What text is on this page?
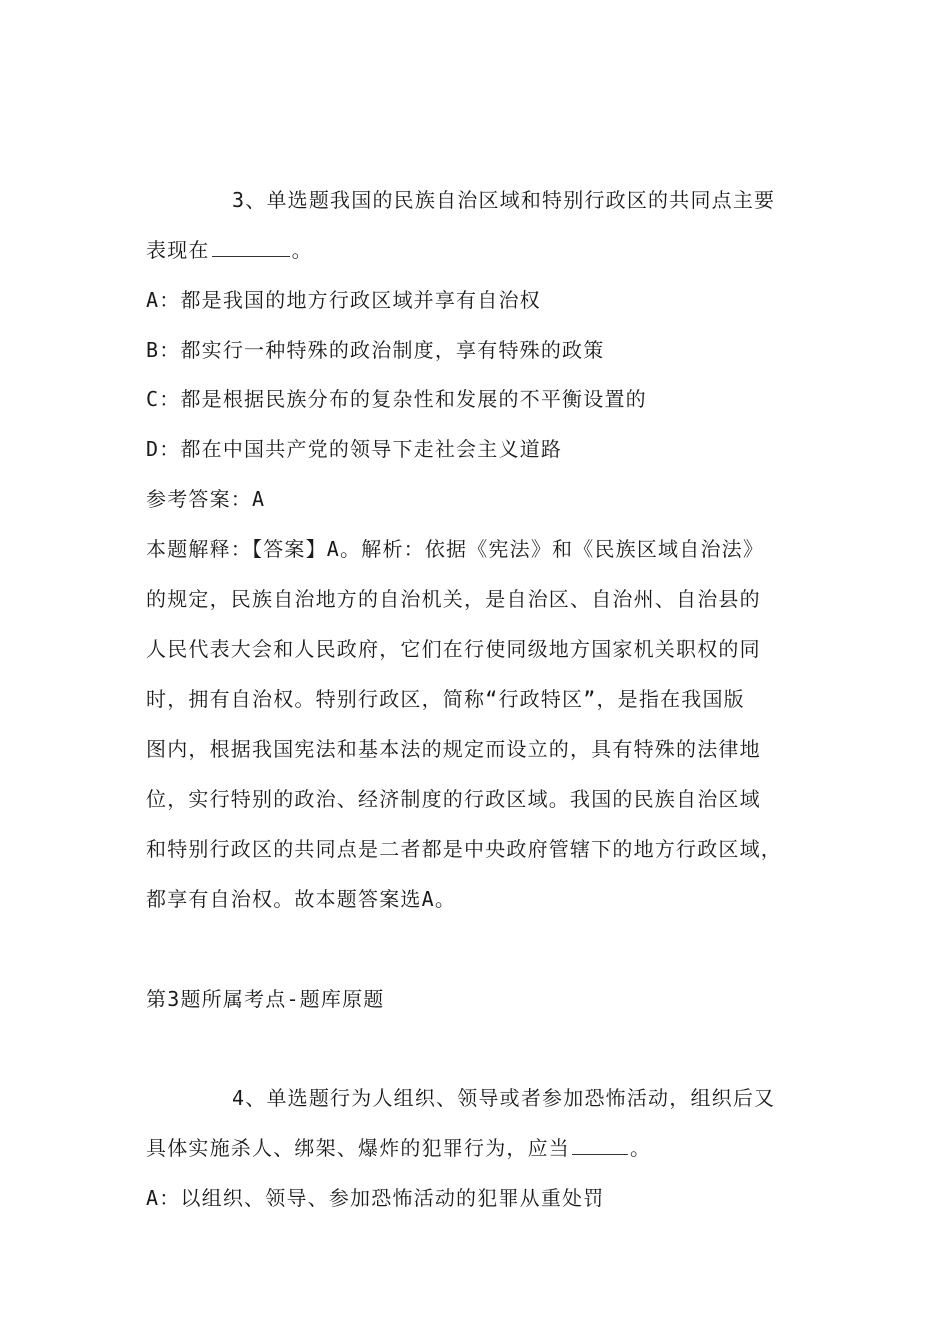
3、单选题我国的民族自治区域和特别行政区的共同点主要
表现在	。
A：都是我国的地方行政区域并享有自治权
B：都实行一种特殊的政治制度，享有特殊的政策
C：都是根据民族分布的复杂性和发展的不平衡设置的
D：都在中国共产党的领导下走社会主义道路
参考答案：A
本题解释：【答案】A。解析：依据《宪法》和《民族区域自治法》
的规定，民族自治地方的自治机关，是自治区、自治州、自治县的
人民代表大会和人民政府，它们在行使同级地方国家机关职权的同
时，拥有自治权。特别行政区，简称“行政特区”，是指在我国版
图内，根据我国宪法和基本法的规定而设立的，具有特殊的法律地
位，实行特别的政治、经济制度的行政区域。我国的民族自治区域
和特别行政区的共同点是二者都是中央政府管辖下的地方行政区域，
都享有自治权。故本题答案选A。
第3题所属考点-题库原题
4、单选题行为人组织、领导或者参加恐怖活动，组织后又
具体实施杀人、绑架、爆炸的犯罪行为，应当	。
A：以组织、领导、参加恐怖活动的犯罪从重处罚
